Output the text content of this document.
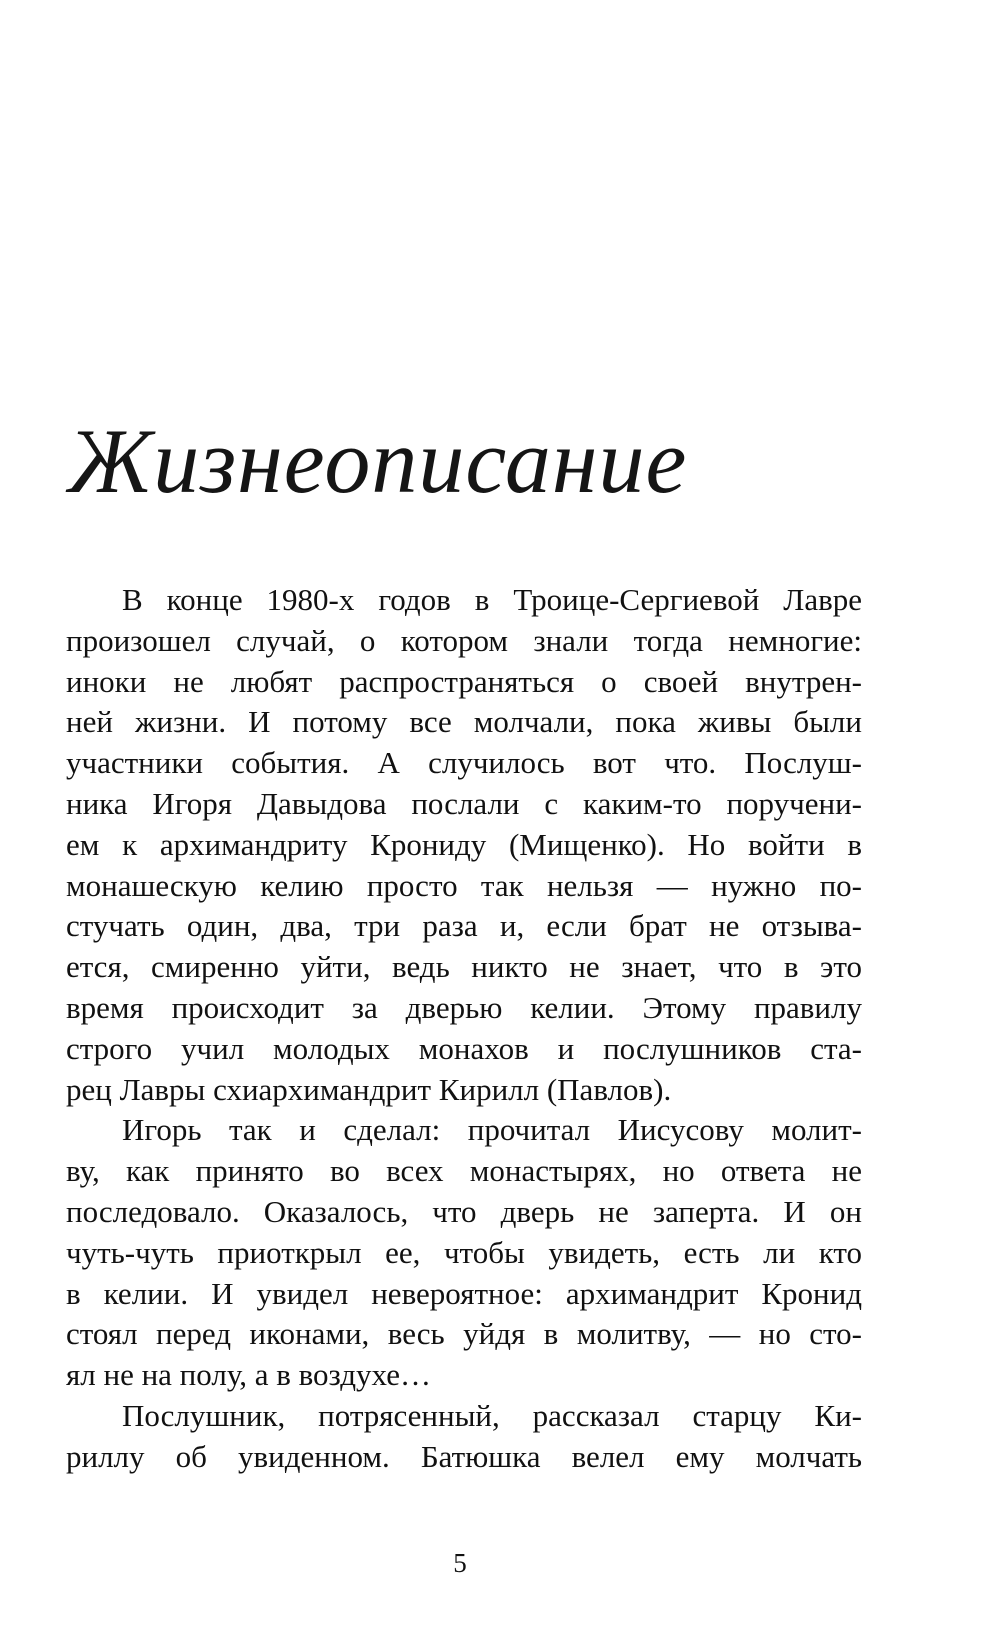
Жизнеописание
В конце 1980-х годов в Троице-Сергиевой Лавре
произошел случай, о котором знали тогда немногие:
иноки не любят распространяться о своей внутрен-
ней жизни. И потому все молчали, пока живы были
участники события. А случилось вот что. Послуш-
ника Игоря Давыдова послали с каким-то поручени-
ем к архимандриту Крониду (Мищенко). Но войти в
монашескую келию просто так нельзя — нужно по-
стучать один, два, три раза и, если брат не отзыва-
ется, смиренно уйти, ведь никто не знает, что в это
время происходит за дверью келии. Этому правилу
строго учил молодых монахов и послушников ста-
рец Лавры схиархимандрит Кирилл (Павлов).
Игорь так и сделал: прочитал Иисусову молит-
ву, как принято во всех монастырях, но ответа не
последовало. Оказалось, что дверь не заперта. И он
чуть-чуть приоткрыл ее, чтобы увидеть, есть ли кто
в келии. И увидел невероятное: архимандрит Кронид
стоял перед иконами, весь уйдя в молитву, — но сто-
ял не на полу, а в воздухе…
Послушник, потрясенный, рассказал старцу Ки-
риллу об увиденном. Батюшка велел ему молчать
5
